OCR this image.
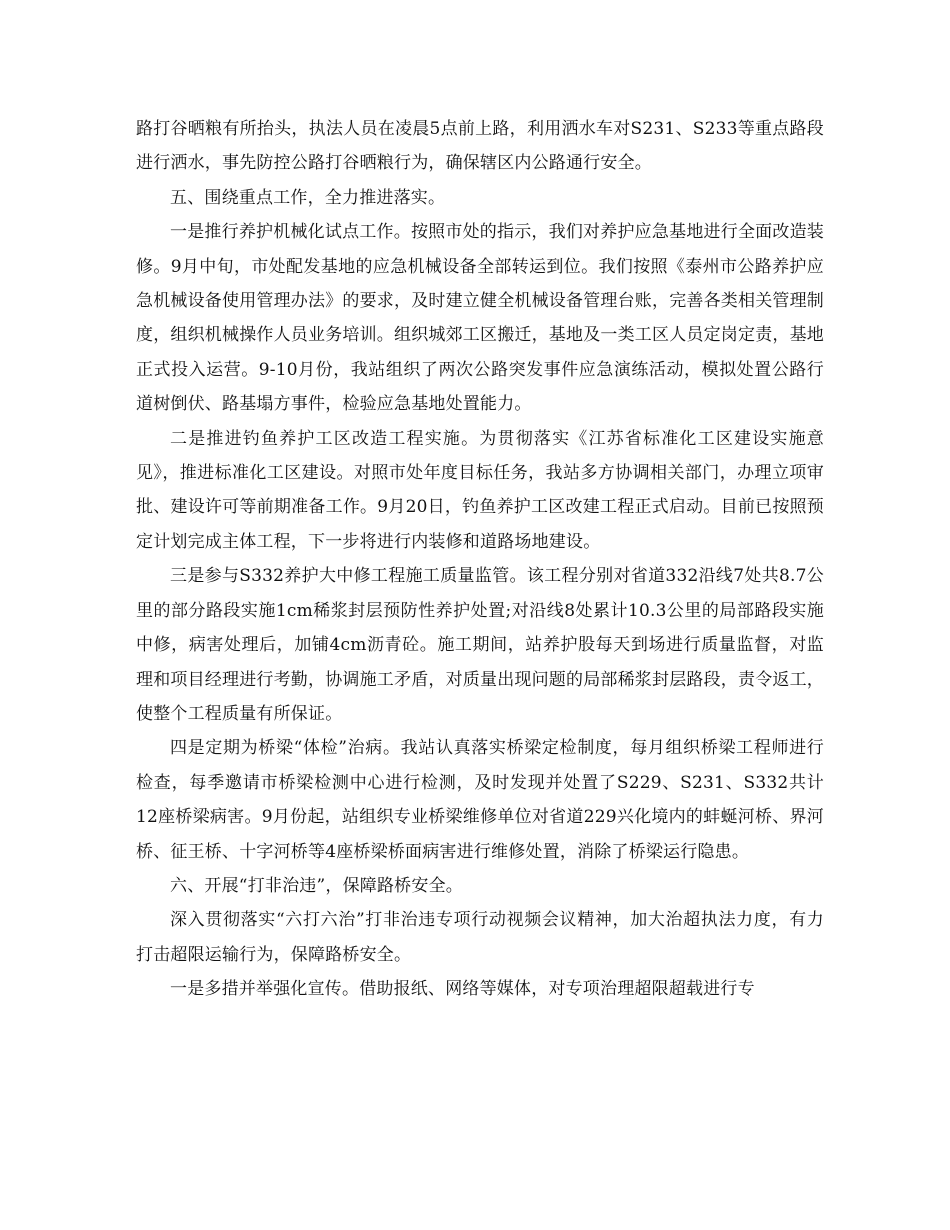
路打谷晒粮有所抬头，执法人员在凌晨5点前上路，利用洒水车对S231、S233等重点路段进行洒水，事先防控公路打谷晒粮行为，确保辖区内公路通行安全。

五、围绕重点工作，全力推进落实。

一是推行养护机械化试点工作。按照市处的指示，我们对养护应急基地进行全面改造装修。9月中旬，市处配发基地的应急机械设备全部转运到位。我们按照《泰州市公路养护应急机械设备使用管理办法》的要求，及时建立健全机械设备管理台账，完善各类相关管理制度，组织机械操作人员业务培训。组织城郊工区搬迁，基地及一类工区人员定岗定责，基地正式投入运营。9-10月份，我站组织了两次公路突发事件应急演练活动，模拟处置公路行道树倒伏、路基塌方事件，检验应急基地处置能力。

二是推进钓鱼养护工区改造工程实施。为贯彻落实《江苏省标准化工区建设实施意见》，推进标准化工区建设。对照市处年度目标任务，我站多方协调相关部门，办理立项审批、建设许可等前期准备工作。9月20日，钓鱼养护工区改建工程正式启动。目前已按照预定计划完成主体工程，下一步将进行内装修和道路场地建设。

三是参与S332养护大中修工程施工质量监管。该工程分别对省道332沿线7处共8.7公里的部分路段实施1cm稀浆封层预防性养护处置;对沿线8处累计10.3公里的局部路段实施中修，病害处理后，加铺4cm沥青砼。施工期间，站养护股每天到场进行质量监督，对监理和项目经理进行考勤，协调施工矛盾，对质量出现问题的局部稀浆封层路段，责令返工，使整个工程质量有所保证。

四是定期为桥梁“体检”治病。我站认真落实桥梁定检制度，每月组织桥梁工程师进行检查，每季邀请市桥梁检测中心进行检测，及时发现并处置了S229、S231、S332共计12座桥梁病害。9月份起，站组织专业桥梁维修单位对省道229兴化境内的蚌蜒河桥、界河桥、征王桥、十字河桥等4座桥梁桥面病害进行维修处置，消除了桥梁运行隐患。

六、开展“打非治违”，保障路桥安全。

深入贯彻落实“六打六治”打非治违专项行动视频会议精神，加大治超执法力度，有力打击超限运输行为，保障路桥安全。

一是多措并举强化宣传。借助报纸、网络等媒体，对专项治理超限超载进行专
